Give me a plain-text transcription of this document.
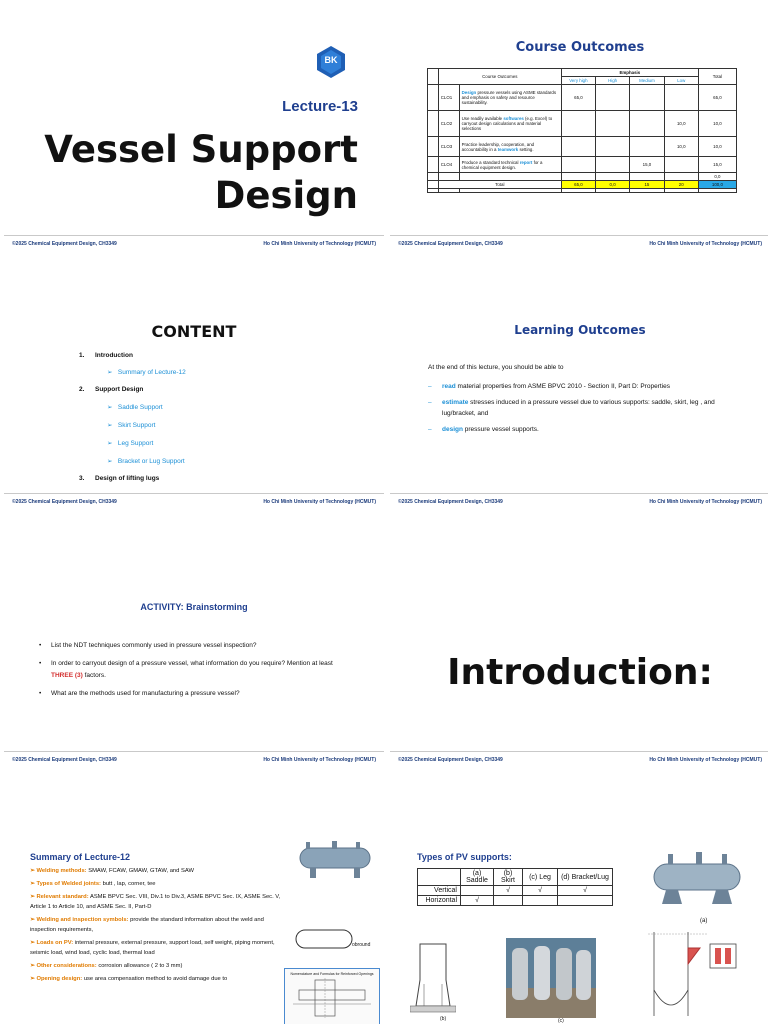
BK
Lecture-13
Vessel Support
Design
©2025 Chemical Equipment Design, CH3349	Ho Chi Minh University of Technology (HCMUT)
Course Outcomes
	Course Outcomes		Emphasis				Total
			Very high	High	Medium	Low	
	CLO1	Design pressure vessels using ASME standards and emphasis on safety and resource sustainability.	65,0				65,0
	CLO2	Use readily available softwares (e.g. Excel) to carryout design calculations and material selections				10,0	10,0
	CLO3	Practice leadership, cooperation, and accountability in a teamwork setting.				10,0	10,0
	CLO4	Produce a standard technical report for a chemical equipment design.			15,0		15,0
							0,0
	Total		65,0	0,0	15	20	100,0

©2025 Chemical Equipment Design, CH3349	Ho Chi Minh University of Technology (HCMUT)
CONTENT
1. Introduction
➢ Summary of Lecture-12
2. Support Design
➢   Saddle Support
➢   Skirt Support
➢   Leg Support
➢   Bracket or Lug Support
3. Design of lifting lugs
©2025 Chemical Equipment Design, CH3349	Ho Chi Minh University of Technology (HCMUT)
Learning Outcomes
At the end of this lecture, you should be able to
– read material properties from ASME BPVC 2010 - Section II, Part D: Properties
– estimate stresses induced in a pressure vessel due to various supports: saddle, skirt, leg , and lug/bracket, and
– design pressure vessel supports.
©2025 Chemical Equipment Design, CH3349	Ho Chi Minh University of Technology (HCMUT)
ACTIVITY: Brainstorming
• List the NDT techniques commonly used in pressure vessel inspection?
• In order to carryout design of a pressure vessel, what information do you require? Mention at least THREE (3) factors.
• What are the methods used for manufacturing a pressure vessel?
©2025 Chemical Equipment Design, CH3349	Ho Chi Minh University of Technology (HCMUT)
Introduction:
©2025 Chemical Equipment Design, CH3349	Ho Chi Minh University of Technology (HCMUT)
Summary of Lecture-12
➢ Welding methods: SMAW, FCAW, GMAW, GTAW, and SAW
➢ Types of Welded joints: butt , lap, corner, tee
➢ Relevant standard: ASME BPVC Sec. VIII, Div.1 to Div.3, ASME BPVC Sec. IX, ASME Sec. V, Article 1 to Article 10, and ASME Sec. II, Part-D
➢ Welding and inspection symbols: provide the standard information about the weld and inspection requirements,
➢ Loads on PV: internal pressure, external pressure, support load, self weight, piping moment, seismic load, wind load, cyclic load, thermal load
➢ Other considerations: corrosion allowance ( 2 to 3 mm)
➢ Opening design: use area compensation method to avoid damage due to
obround
Nomenclature and Formulas for Reinforced Openings
Types of PV supports:
	(a) Saddle	(b) Skirt	(c) Leg	(d) Bracket/Lug
Vertical		√	√	√
Horizontal	√			
(a)
(b)	(c)
